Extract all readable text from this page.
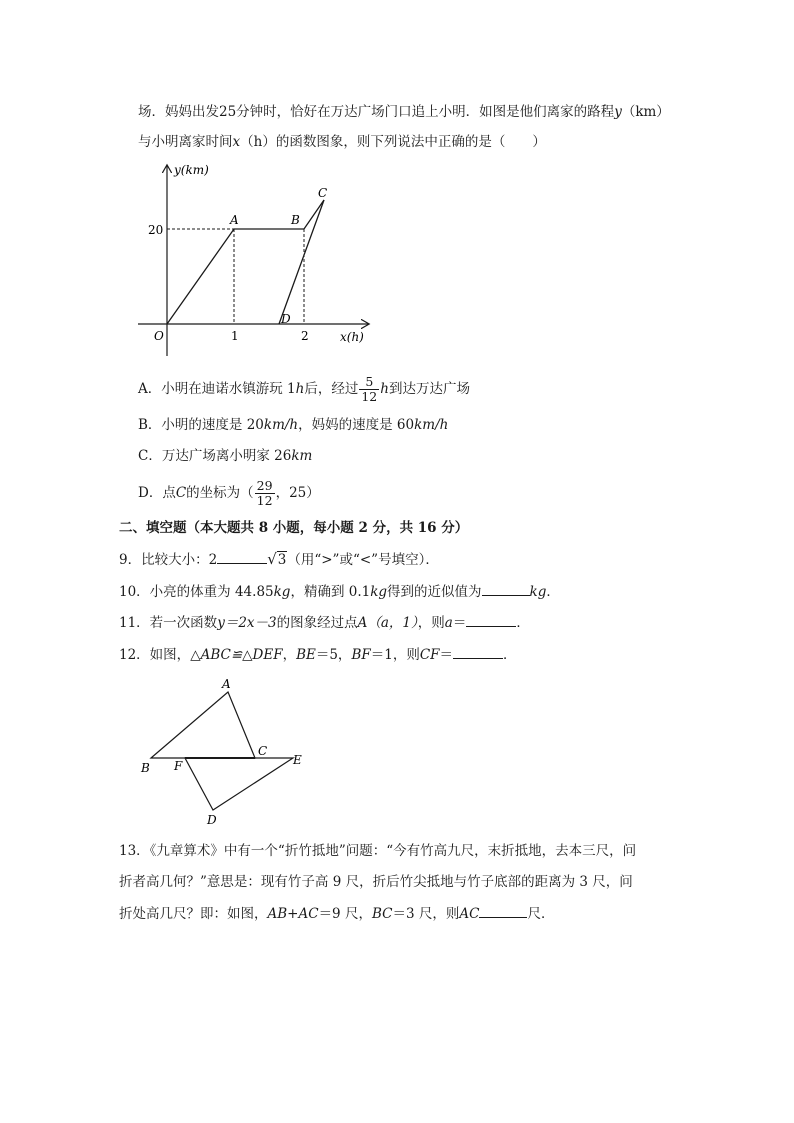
场．妈妈出发25分钟时，恰好在万达广场门口追上小明．如图是他们离家的路程y（km）
与小明离家时间x（h）的函数图象，则下列说法中正确的是（　　）
y(km)
x(h)
O
20
1	2
A	B
C
D
A．小明在迪诺水镇游玩 1h后，经过 $\frac{5}{12}$ h到达万达广场
B．小明的速度是 20km/h，妈妈的速度是 60km/h
C．万达广场离小明家 26km
D．点C的坐标为（ $\frac{29}{12}$ ，25）
二、填空题（本大题共 8 小题，每小题 2 分，共 16 分）
9．比较大小：2	√3（用“>”或“<”号填空）．
10．小亮的体重为 44.85kg，精确到 0.1kg得到的近似值为	kg．
11．若一次函数y＝2x－3的图象经过点A（a，1），则a＝	．
12．如图，△ABC≌△DEF，BE＝5，BF＝1，则CF＝	．
A
B
C
D
E
F
13．《九章算术》中有一个“折竹抵地”问题：“今有竹高九尺，末折抵地，去本三尺，问
折者高几何？”意思是：现有竹子高 9 尺，折后竹尖抵地与竹子底部的距离为 3 尺，问
折处高几尺？即：如图，AB+AC＝9 尺，BC＝3 尺，则AC	尺．
